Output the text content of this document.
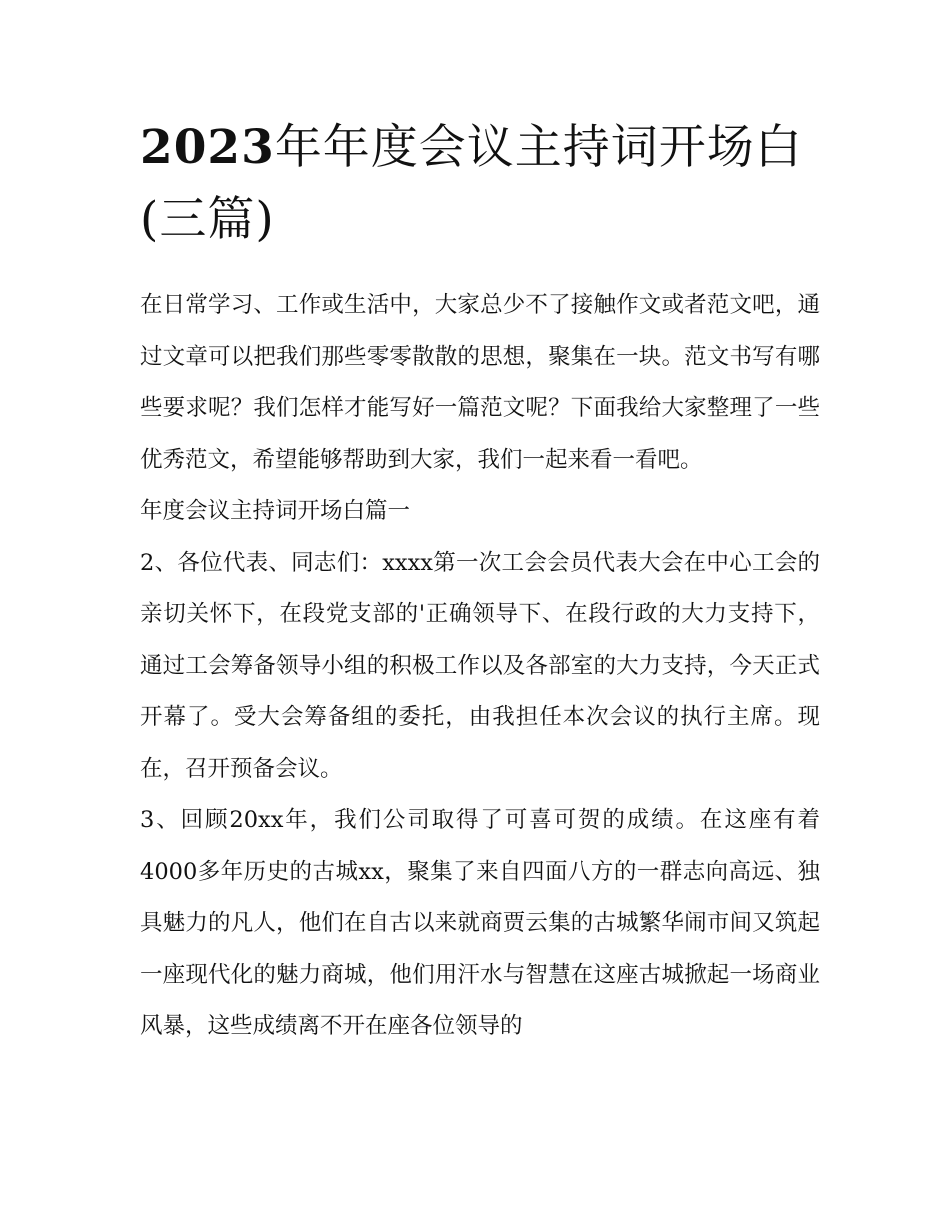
2023年年度会议主持词开场白(三篇)

在日常学习、工作或生活中，大家总少不了接触作文或者范文吧，通过文章可以把我们那些零零散散的思想，聚集在一块。范文书写有哪些要求呢？我们怎样才能写好一篇范文呢？下面我给大家整理了一些优秀范文，希望能够帮助到大家，我们一起来看一看吧。

年度会议主持词开场白篇一

2、各位代表、同志们：xxxx第一次工会会员代表大会在中心工会的亲切关怀下，在段党支部的'正确领导下、在段行政的大力支持下，通过工会筹备领导小组的积极工作以及各部室的大力支持，今天正式开幕了。受大会筹备组的委托，由我担任本次会议的执行主席。现在，召开预备会议。

3、回顾20xx年，我们公司取得了可喜可贺的成绩。在这座有着4000多年历史的古城xx，聚集了来自四面八方的一群志向高远、独具魅力的凡人，他们在自古以来就商贾云集的古城繁华闹市间又筑起一座现代化的魅力商城，他们用汗水与智慧在这座古城掀起一场商业风暴，这些成绩离不开在座各位领导的
